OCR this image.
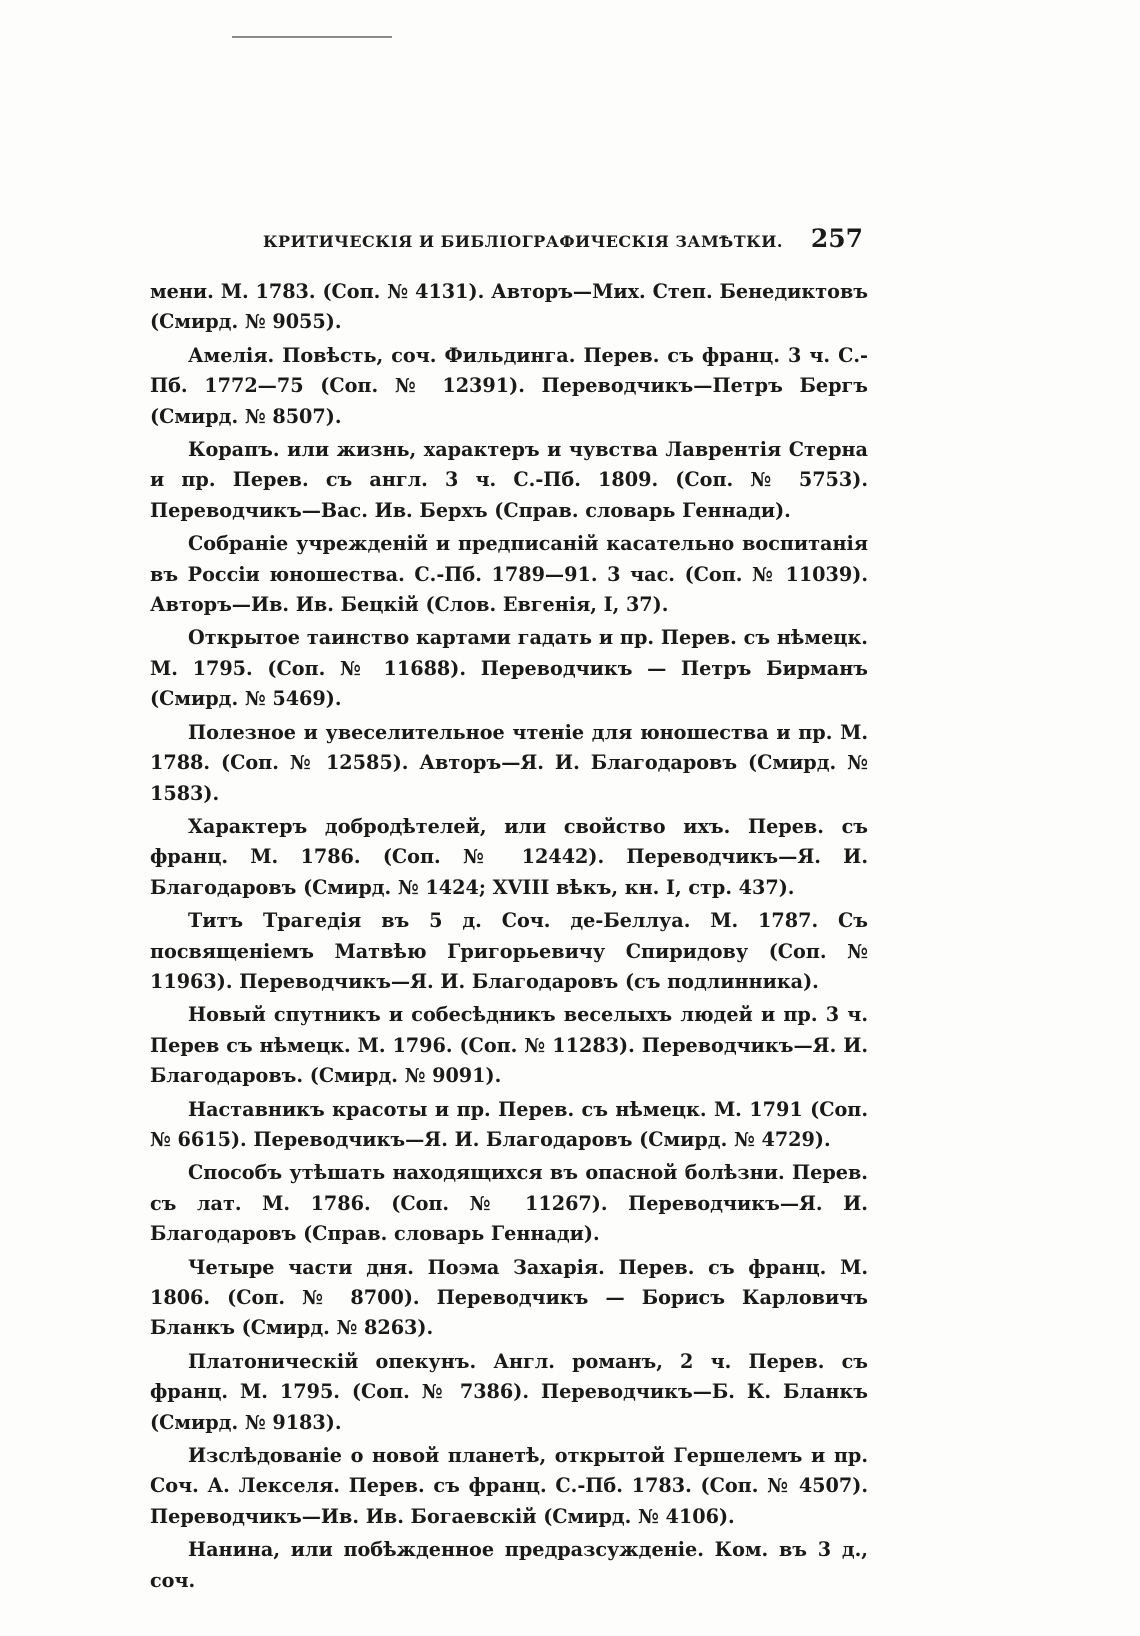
КРИТИЧЕСКІЯ И БИБЛІОГРАФИЧЕСКІЯ ЗАМѢТКИ. 257

мени. М. 1783. (Соп. № 4131). Авторъ—Мих. Степ. Бенедиктовъ (Смирд. № 9055).

Амелія. Повѣсть, соч. Фильдинга. Перев. съ франц. 3 ч. С.-Пб. 1772—75 (Соп. № 12391). Переводчикъ—Петръ Бергъ (Смирд. № 8507).

Корапъ. или жизнь, характеръ и чувства Лаврентія Стерна и пр. Перев. съ англ. 3 ч. С.-Пб. 1809. (Соп. № 5753). Переводчикъ—Вас. Ив. Берхъ (Справ. словарь Геннади).

Собраніе учрежденій и предписаній касательно воспитанія въ Россіи юношества. С.-Пб. 1789—91. 3 час. (Соп. № 11039). Авторъ—Ив. Ив. Бецкій (Слов. Евгенія, I, 37).

Открытое таинство картами гадать и пр. Перев. съ нѣмецк. М. 1795. (Соп. № 11688). Переводчикъ — Петръ Бирманъ (Смирд. № 5469).

Полезное и увеселительное чтеніе для юношества и пр. М. 1788. (Соп. № 12585). Авторъ—Я. И. Благодаровъ (Смирд. № 1583).

Характеръ добродѣтелей, или свойство ихъ. Перев. съ франц. М. 1786. (Соп. № 12442). Переводчикъ—Я. И. Благодаровъ (Смирд. № 1424; XVIII вѣкъ, кн. I, стр. 437).

Титъ Трагедія въ 5 д. Соч. де-Беллуа. М. 1787. Съ посвященіемъ Матвѣю Григорьевичу Спиридову (Соп. № 11963). Переводчикъ—Я. И. Благодаровъ (съ подлинника).

Новый спутникъ и собесѣдникъ веселыхъ людей и пр. 3 ч. Перев съ нѣмецк. М. 1796. (Соп. № 11283). Переводчикъ—Я. И. Благодаровъ. (Смирд. № 9091).

Наставникъ красоты и пр. Перев. съ нѣмецк. М. 1791 (Соп. № 6615). Переводчикъ—Я. И. Благодаровъ (Смирд. № 4729).

Способъ утѣшать находящихся въ опасной болѣзни. Перев. съ лат. М. 1786. (Соп. № 11267). Переводчикъ—Я. И. Благодаровъ (Справ. словарь Геннади).

Четыре части дня. Поэма Захарія. Перев. съ франц. М. 1806. (Соп. № 8700). Переводчикъ — Борисъ Карловичъ Бланкъ (Смирд. № 8263).

Платоническій опекунъ. Англ. романъ, 2 ч. Перев. съ франц. М. 1795. (Соп. № 7386). Переводчикъ—Б. К. Бланкъ (Смирд. № 9183).

Изслѣдованіе о новой планетѣ, открытой Гершелемъ и пр. Соч. А. Лекселя. Перев. съ франц. С.-Пб. 1783. (Соп. № 4507). Переводчикъ—Ив. Ив. Богаевскій (Смирд. № 4106).

Нанина, или побѣжденное предразсужденіе. Ком. въ 3 д., соч.
